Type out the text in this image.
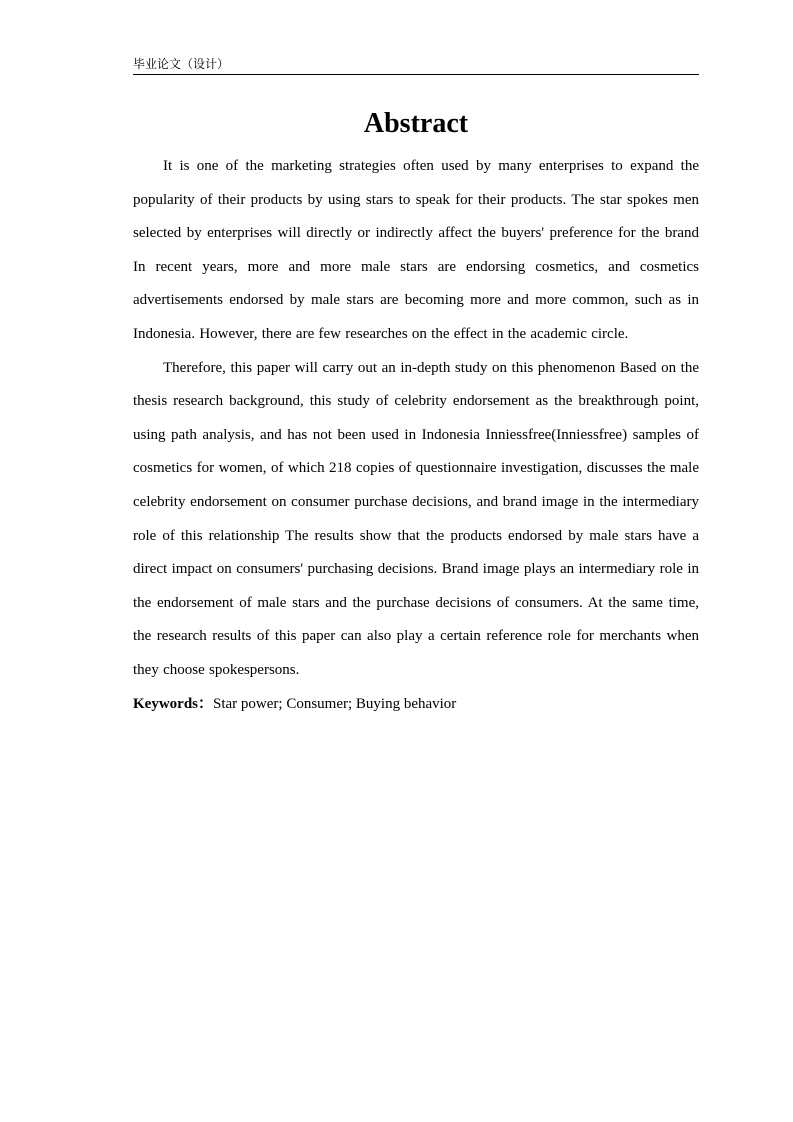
毕业论文（设计）
Abstract

It is one of the marketing strategies often used by many enterprises to expand the popularity of their products by using stars to speak for their products. The star spokes men selected by enterprises will directly or indirectly affect the buyers' preference for the brand In recent years, more and more male stars are endorsing cosmetics, and cosmetics advertisements endorsed by male stars are becoming more and more common, such as in Indonesia. However, there are few researches on the effect in the academic circle.

Therefore, this paper will carry out an in-depth study on this phenomenon Based on the thesis research background, this study of celebrity endorsement as the breakthrough point, using path analysis, and has not been used in Indonesia Inniessfree(Inniessfree) samples of cosmetics for women, of which 218 copies of questionnaire investigation, discusses the male celebrity endorsement on consumer purchase decisions, and brand image in the intermediary role of this relationship The results show that the products endorsed by male stars have a direct impact on consumers' purchasing decisions. Brand image plays an intermediary role in the endorsement of male stars and the purchase decisions of consumers. At the same time, the research results of this paper can also play a certain reference role for merchants when they choose spokespersons.

Keywords：Star power; Consumer; Buying behavior
